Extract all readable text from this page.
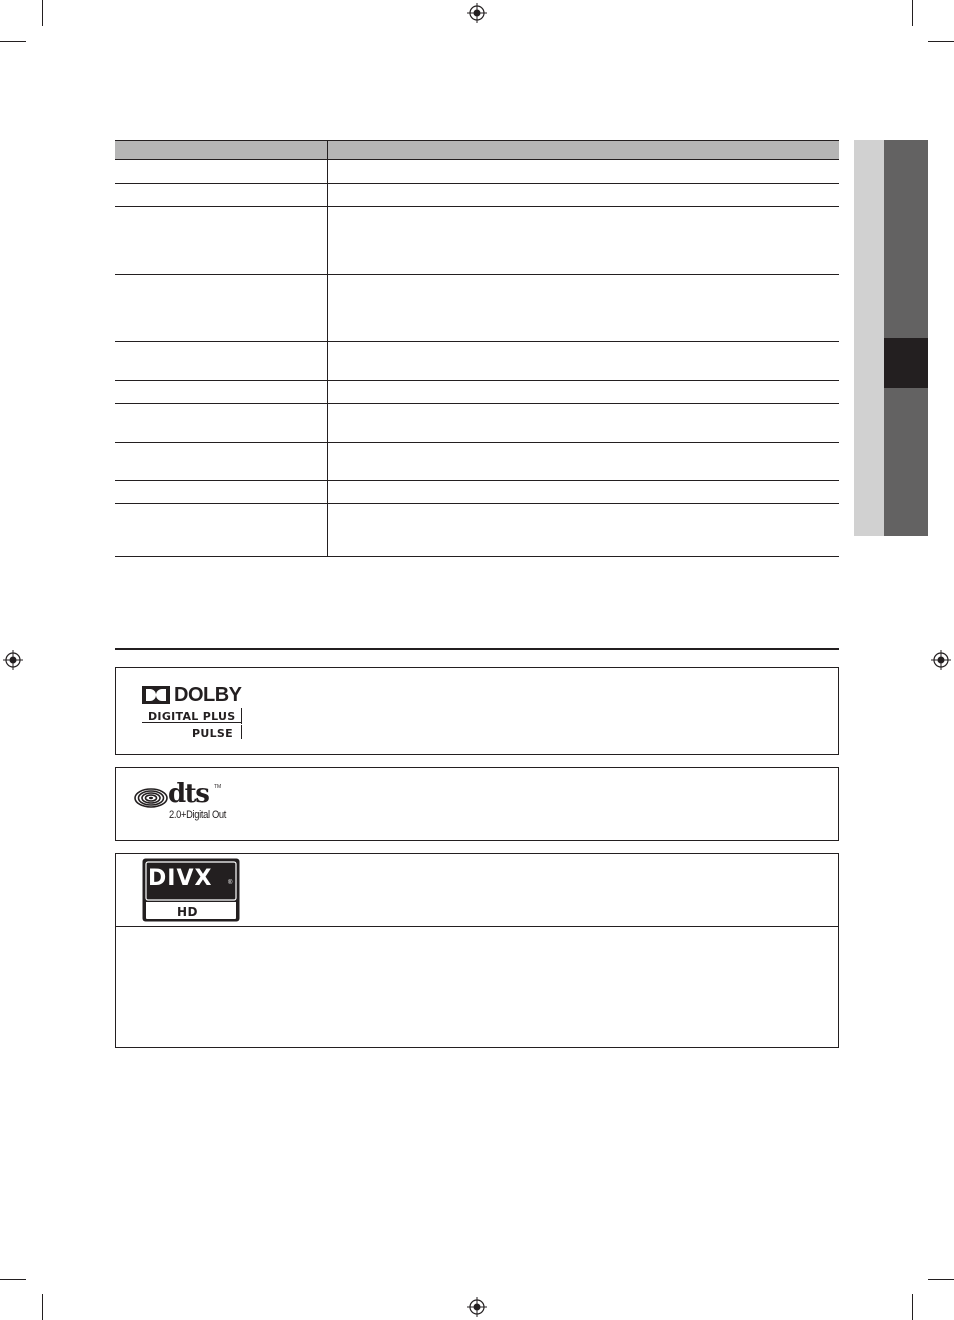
DOLBY
DIGITAL PLUS
PULSE
dts TM
2.0+Digital Out
DIVX	®
HD
